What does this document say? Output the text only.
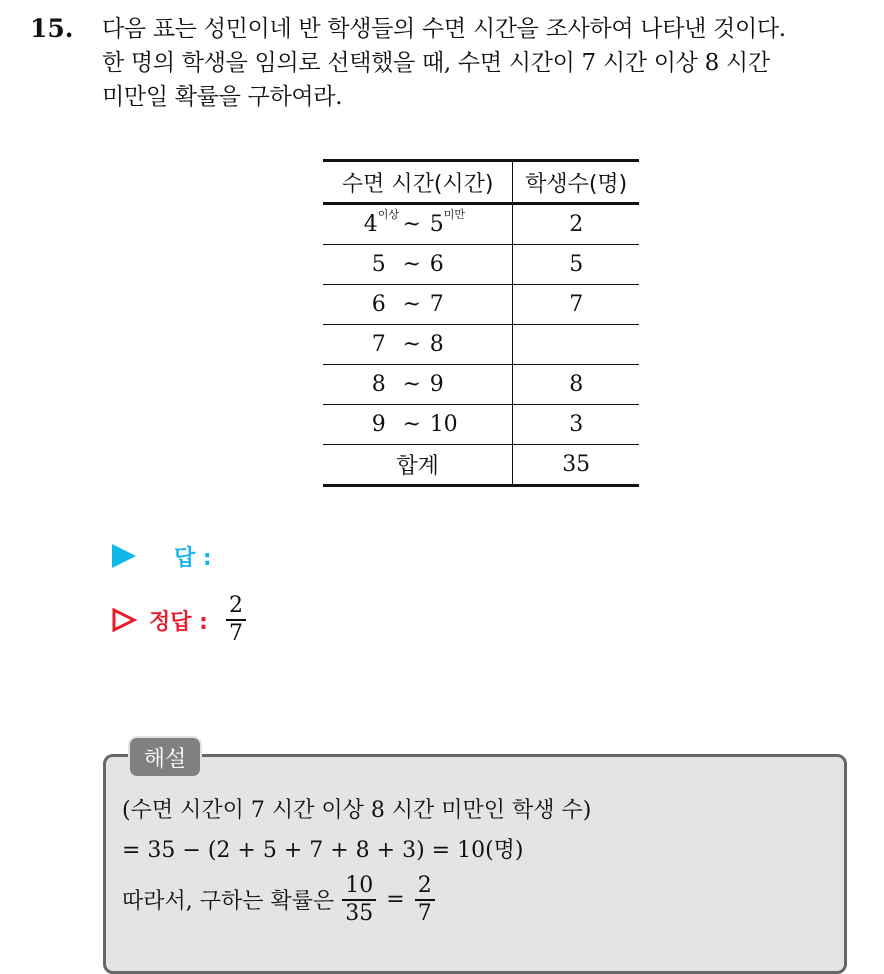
15. 다음 표는 성민이네 반 학생들의 수면 시간을 조사하여 나타낸 것이다.
한 명의 학생을 임의로 선택했을 때, 수면 시간이 7 시간 이상 8 시간
미만일 확률을 구하여라.
수면 시간(시간)	학생수(명)
$4^{이상}$ ~ $5^{미만}$	2
5 ~ 6	5
6 ~ 7	7
7 ~ 8	
8 ~ 9	8
9 ~ 10	3
합계	35
답 :
정답 : $\frac{2}{7}$
해설
(수면 시간이 7 시간 이상 8 시간 미만인 학생 수)
= 35 − (2 + 5 + 7 + 8 + 3) = 10(명)
따라서, 구하는 확률은 $\frac{10}{35} = \frac{2}{7}$
